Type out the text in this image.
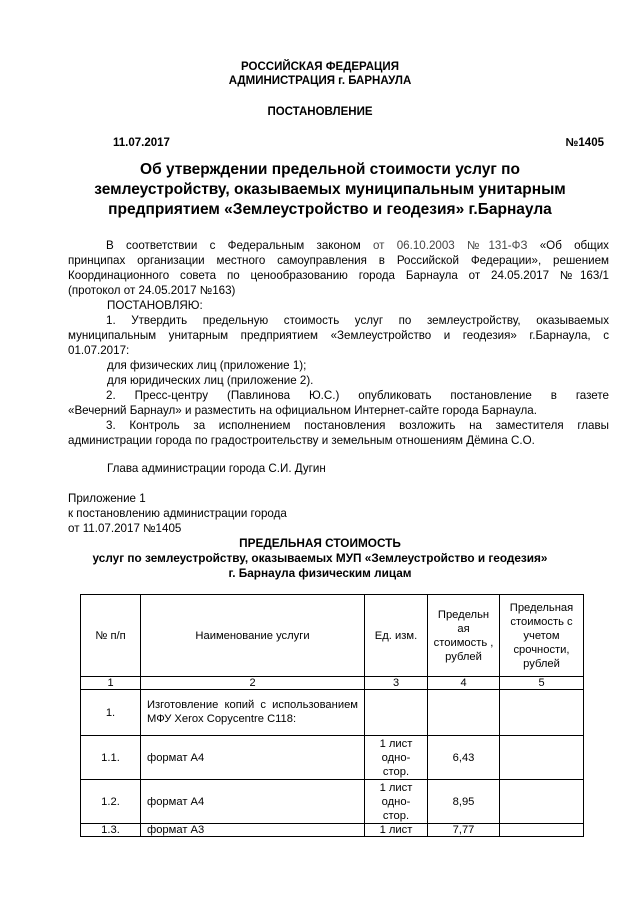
РОССИЙСКАЯ ФЕДЕРАЦИЯ
АДМИНИСТРАЦИЯ г. БАРНАУЛА
ПОСТАНОВЛЕНИЕ
11.07.2017	№1405
Об утверждении предельной стоимости услуг по
землеустройству, оказываемых муниципальным унитарным
предприятием «Землеустройство и геодезия» г.Барнаула
В соответствии с Федеральным законом от 06.10.2003 №131-ФЗ «Об общих
принципах организации местного самоуправления в Российской Федерации», решением
Координационного совета по ценообразованию города Барнаула от 24.05.2017 №163/1
(протокол от 24.05.2017 №163)
ПОСТАНОВЛЯЮ:
1. Утвердить предельную стоимость услуг по землеустройству, оказываемых
муниципальным унитарным предприятием «Землеустройство и геодезия» г.Барнаула, с
01.07.2017:
для физических лиц (приложение 1);
для юридических лиц (приложение 2).
2. Пресс-центру (Павлинова Ю.С.) опубликовать постановление в газете
«Вечерний Барнаул» и разместить на официальном Интернет-сайте города Барнаула.
3. Контроль за исполнением постановления возложить на заместителя главы
администрации города по градостроительству и земельным отношениям Дёмина С.О.
Глава администрации города С.И. Дугин
Приложение 1
к постановлению администрации города
от 11.07.2017 №1405
ПРЕДЕЛЬНАЯ СТОИМОСТЬ
услуг по землеустройству, оказываемых МУП «Землеустройство и геодезия»
г. Барнаула физическим лицам
№ п/п	Наименование услуги	Ед. изм.	Предельн ая стоимость , рублей	Предельная стоимость с учетом срочности, рублей
1	2	3	4	5
1.	Изготовление копий с использованием МФУ Xerox Copycentre C118:			
1.1.	формат А4	1 лист одно- стор.	6,43	
1.2.	формат А4	1 лист одно- стор.	8,95	
1.3.	формат А3	1 лист	7,77	
